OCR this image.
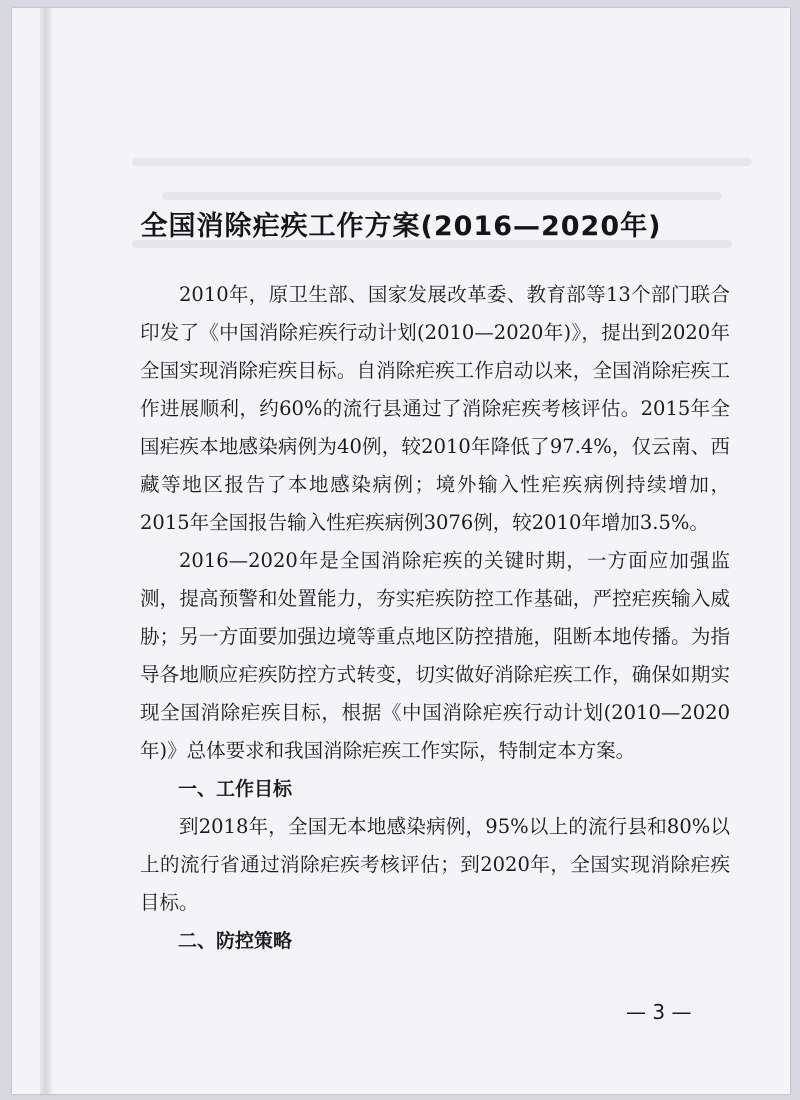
全国消除疟疾工作方案(2016—2020年)

2010年，原卫生部、国家发展改革委、教育部等13个部门联合印发了《中国消除疟疾行动计划(2010—2020年)》，提出到2020年全国实现消除疟疾目标。自消除疟疾工作启动以来，全国消除疟疾工作进展顺利，约60%的流行县通过了消除疟疾考核评估。2015年全国疟疾本地感染病例为40例，较2010年降低了97.4%，仅云南、西藏等地区报告了本地感染病例；境外输入性疟疾病例持续增加，2015年全国报告输入性疟疾病例3076例，较2010年增加3.5%。

2016—2020年是全国消除疟疾的关键时期，一方面应加强监测，提高预警和处置能力，夯实疟疾防控工作基础，严控疟疾输入威胁；另一方面要加强边境等重点地区防控措施，阻断本地传播。为指导各地顺应疟疾防控方式转变，切实做好消除疟疾工作，确保如期实现全国消除疟疾目标，根据《中国消除疟疾行动计划(2010—2020年)》总体要求和我国消除疟疾工作实际，特制定本方案。

一、工作目标

到2018年，全国无本地感染病例，95%以上的流行县和80%以上的流行省通过消除疟疾考核评估；到2020年，全国实现消除疟疾目标。

二、防控策略

— 3 —
